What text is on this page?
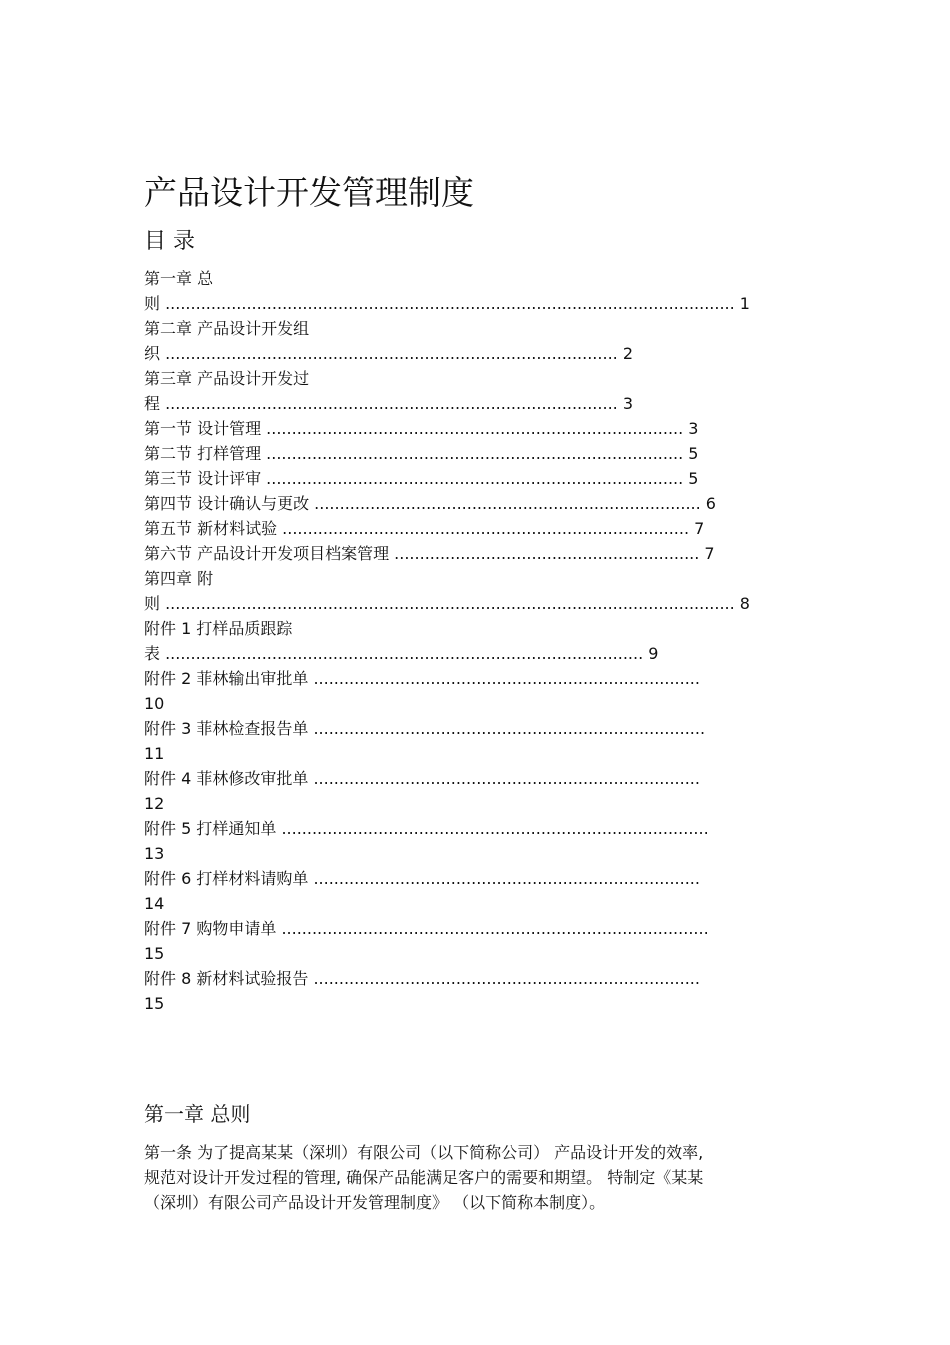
产品设计开发管理制度
目 录

第一章 总

则 ................................................................................................................ 1

第二章 产品设计开发组

织 ......................................................................................... 2

第三章 产品设计开发过

程 ......................................................................................... 3

第一节 设计管理 .................................................................................. 3

第二节 打样管理 .................................................................................. 5

第三节 设计评审 .................................................................................. 5

第四节 设计确认与更改 ............................................................................ 6

第五节 新材料试验 ................................................................................ 7

第六节 产品设计开发项目档案管理 ............................................................ 7

第四章 附

则 ................................................................................................................ 8

附件 1 打样品质跟踪

表 .............................................................................................. 9

附件 2 菲林输出审批单 ............................................................................

10

附件 3 菲林检查报告单 .............................................................................

11

附件 4 菲林修改审批单 ............................................................................

12

附件 5 打样通知单 ....................................................................................

13

附件 6 打样材料请购单 ............................................................................

14

附件 7 购物申请单 ....................................................................................

15

附件 8 新材料试验报告 ............................................................................

15

第一章 总则
第一条 为了提高某某（深圳）有限公司（以下简称公司） 产品设计开发的效率,
规范对设计开发过程的管理, 确保产品能满足客户的需要和期望。 特制定《某某
（深圳）有限公司产品设计开发管理制度》 （以下简称本制度）。
